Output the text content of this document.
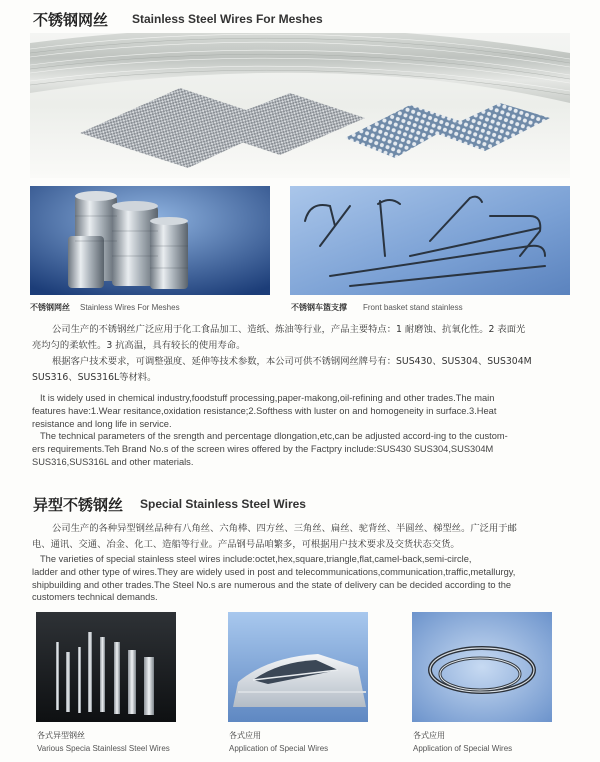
不锈钢网丝 Stainless Steel Wires For Meshes
不锈钢网丝 Stainless Wires For Meshes	不锈钢车篮支撑 Front basket stand stainless
公司生产的不锈钢丝广泛应用于化工食品加工、造纸、炼油等行业，产品主要特点：1 耐磨蚀、抗氧化性。2 表面光
亮均匀的柔软性。3 抗高温，具有较长的使用寿命。
根据客户技术要求，可调整强度、延伸等技术参数，本公司可供不锈钢网丝牌号有：SUS430、SUS304、SUS304M
SUS316、SUS316L等材料。
It is widely used in chemical industry,foodstuff processing,paper-makong,oil-refining and other trades.The main
features have:1.Wear resitance,oxidation resistance;2.Softhess with luster on and homogeneity in surface.3.Heat
resistance and long life in service.
The technical parameters of the srength and percentage dlongation,etc,can be adjusted accord-ing to the custom-
ers requirements.Teh Brand No.s of the screen wires offered by the Factpry include:SUS430 SUS304,SUS304M
SUS316,SUS316L and other materials.
异型不锈钢丝 Special Stainless Steel Wires
公司生产的各种异型钢丝品种有八角丝、六角棒、四方丝、三角丝、扁丝、驼背丝、半圆丝、梯型丝。广泛用于邮
电、通讯、交通、冶金、化工、造船等行业。产品钢号品咱繁多，可根据用户技术要求及交货状态交货。
The varieties of special stainless steel wires include:octet,hex,square,triangle,flat,camel-back,semi-circle,
ladder and other type of wires.They are widely used in post and telecommunications,communication,traffic,metallurgy,
shipbuilding and other trades.The Steel No.s are numerous and the state of delivery can be decided according to the
customers technical demands.
各式异型钢丝
Various Specia Stainlessl Steel Wires
各式应用
Application of Special Wires
各式应用
Application of Special Wires
